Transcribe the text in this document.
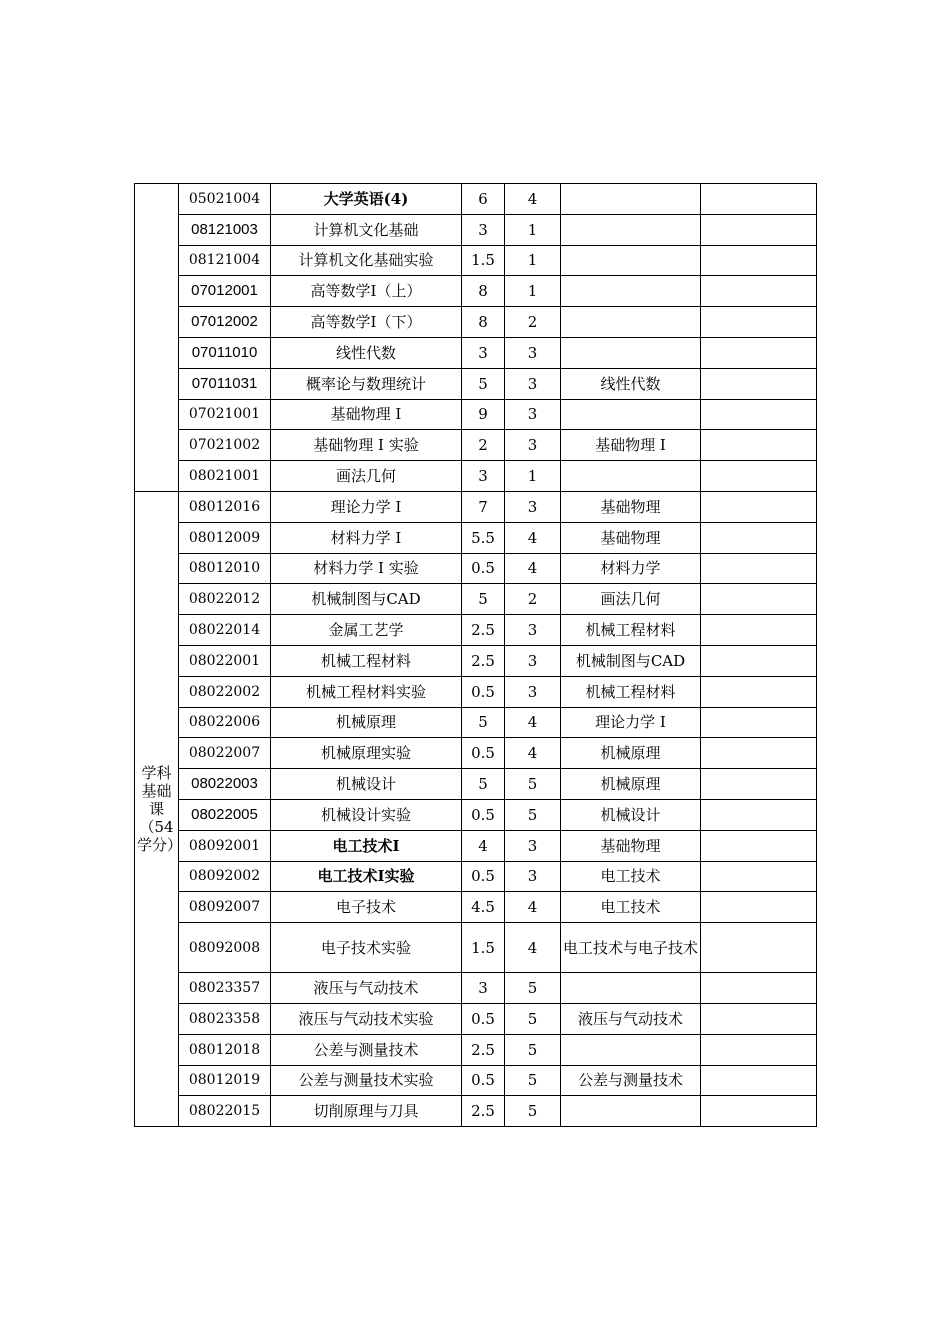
	05021004	大学英语(4)	6	4		
	08121003	计算机文化基础	3	1		
	08121004	计算机文化基础实验	1.5	1		
	07012001	高等数学Ⅰ（上）	8	1		
	07012002	高等数学Ⅰ（下）	8	2		
	07011010	线性代数	3	3		
	07011031	概率论与数理统计	5	3	线性代数	
	07021001	基础物理 Ⅰ	9	3		
	07021002	基础物理 Ⅰ 实验	2	3	基础物理 Ⅰ	
	08021001	画法几何	3	1		
学科基础课（54学分）	08012016	理论力学 Ⅰ	7	3	基础物理	
	08012009	材料力学 Ⅰ	5.5	4	基础物理	
	08012010	材料力学 Ⅰ 实验	0.5	4	材料力学	
	08022012	机械制图与CAD	5	2	画法几何	
	08022014	金属工艺学	2.5	3	机械工程材料	
	08022001	机械工程材料	2.5	3	机械制图与CAD	
	08022002	机械工程材料实验	0.5	3	机械工程材料	
	08022006	机械原理	5	4	理论力学 Ⅰ	
	08022007	机械原理实验	0.5	4	机械原理	
	08022003	机械设计	5	5	机械原理	
	08022005	机械设计实验	0.5	5	机械设计	
	08092001	电工技术Ⅰ	4	3	基础物理	
	08092002	电工技术Ⅰ实验	0.5	3	电工技术	
	08092007	电子技术	4.5	4	电工技术	
	08092008	电子技术实验	1.5	4	电工技术与电子技术	
	08023357	液压与气动技术	3	5		
	08023358	液压与气动技术实验	0.5	5	液压与气动技术	
	08012018	公差与测量技术	2.5	5		
	08012019	公差与测量技术实验	0.5	5	公差与测量技术	
	08022015	切削原理与刀具	2.5	5		
